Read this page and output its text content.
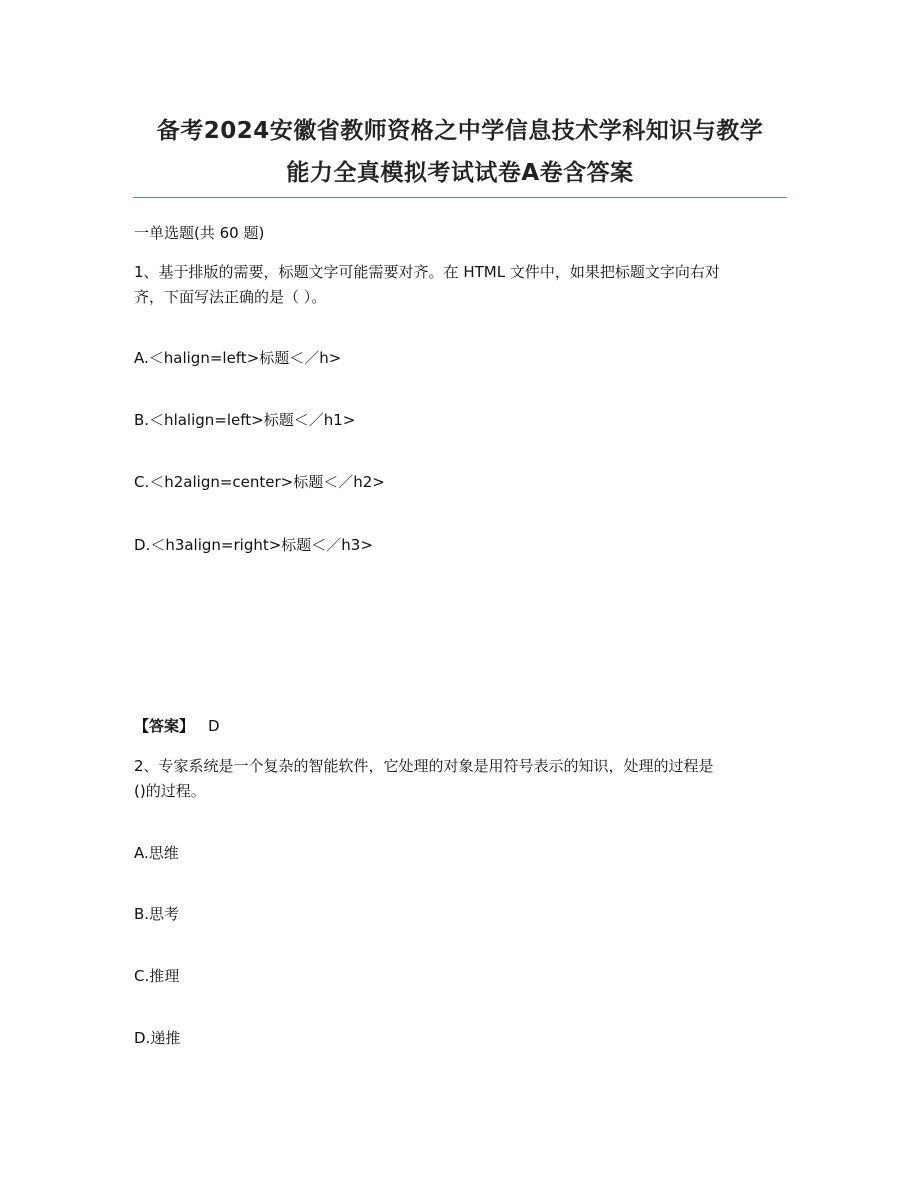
备考2024安徽省教师资格之中学信息技术学科知识与教学
能力全真模拟考试试卷A卷含答案
一单选题(共 60 题)
1、基于排版的需要，标题文字可能需要对齐。在 HTML 文件中，如果把标题文字向右对
齐，下面写法正确的是（ ）。
A.＜halign=left>标题＜／h>
B.＜hlalign=left>标题＜／h1>
C.＜h2align=center>标题＜／h2>
D.＜h3align=right>标题＜／h3>
【答案】 D
2、专家系统是一个复杂的智能软件，它处理的对象是用符号表示的知识，处理的过程是
()的过程。
A.思维
B.思考
C.推理
D.递推
